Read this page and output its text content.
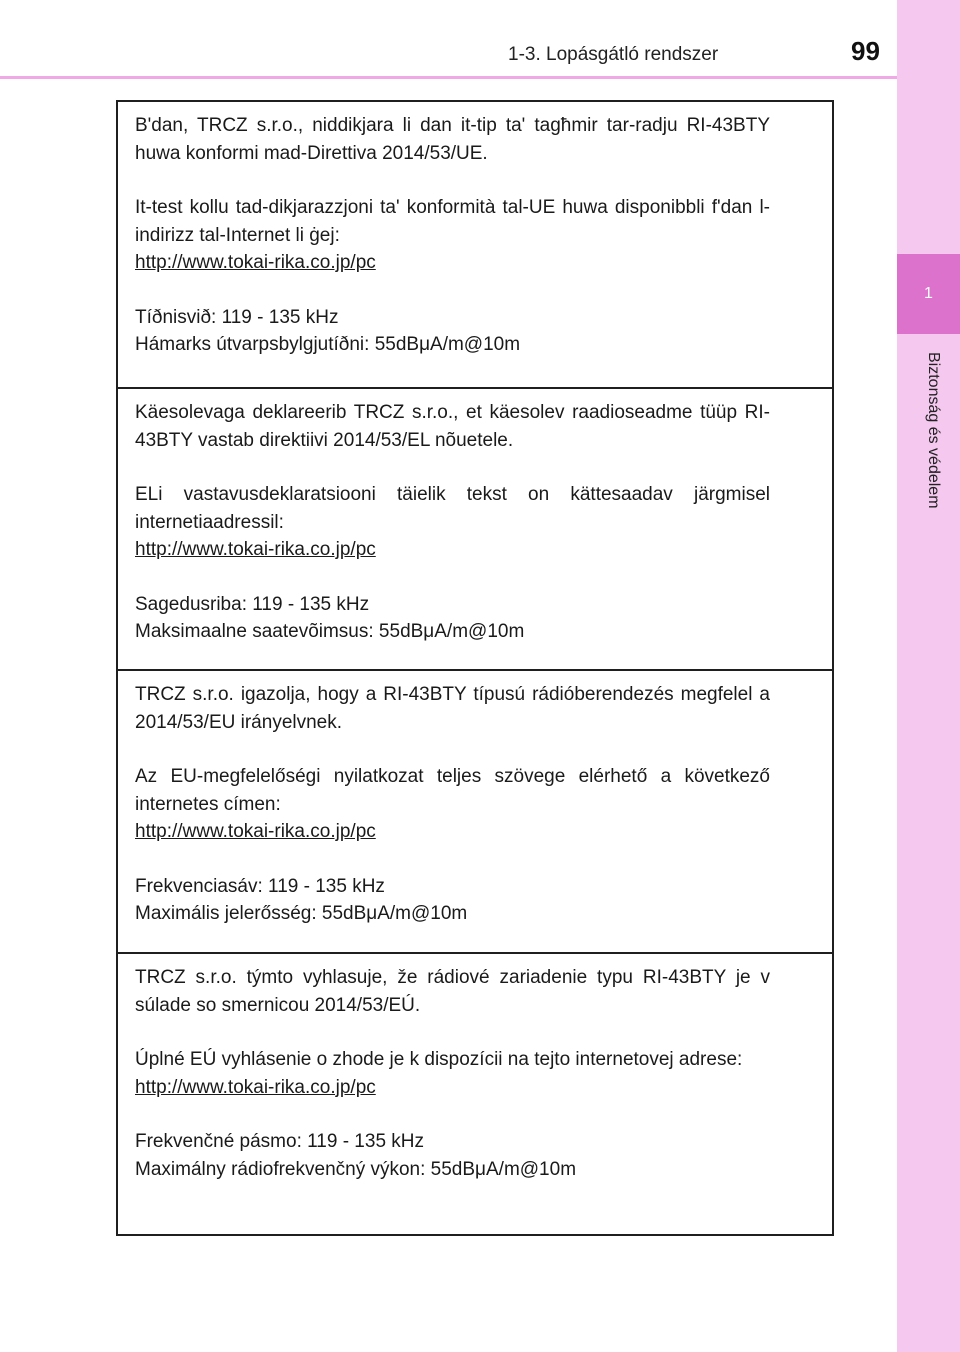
1-3. Lopásgátló rendszer	99
1
Biztonság és védelem

B'dan, TRCZ s.r.o., niddikjara li dan it-tip ta' tagħmir tar-radju RI-43BTY huwa konformi mad-Direttiva 2014/53/UE.

It-test kollu tad-dikjarazzjoni ta' konformità tal-UE huwa disponibbli f'dan l-indirizz tal-Internet li ġej:

http://www.tokai-rika.co.jp/pc

Tíðnisvið: 119 - 135 kHz

Hámarks útvarpsbylgjutíðni: 55dBμA/m@10m

Käesolevaga deklareerib TRCZ s.r.o., et käesolev raadioseadme tüüp RI-43BTY vastab direktiivi 2014/53/EL nõuetele.

ELi vastavusdeklaratsiooni täielik tekst on kättesaadav järgmisel internetiaadressil:

http://www.tokai-rika.co.jp/pc

Sagedusriba: 119 - 135 kHz

Maksimaalne saatevõimsus: 55dBμA/m@10m

TRCZ s.r.o. igazolja, hogy a RI-43BTY típusú rádióberendezés megfelel a 2014/53/EU irányelvnek.

Az EU-megfelelőségi nyilatkozat teljes szövege elérhető a következő internetes címen:

http://www.tokai-rika.co.jp/pc

Frekvenciasáv: 119 - 135 kHz

Maximális jelerősség: 55dBμA/m@10m

TRCZ s.r.o. týmto vyhlasuje, že rádiové zariadenie typu RI-43BTY je v súlade so smernicou 2014/53/EÚ.

Úplné EÚ vyhlásenie o zhode je k dispozícii na tejto internetovej adrese:

http://www.tokai-rika.co.jp/pc

Frekvenčné pásmo: 119 - 135 kHz

Maximálny rádiofrekvenčný výkon: 55dBμA/m@10m
